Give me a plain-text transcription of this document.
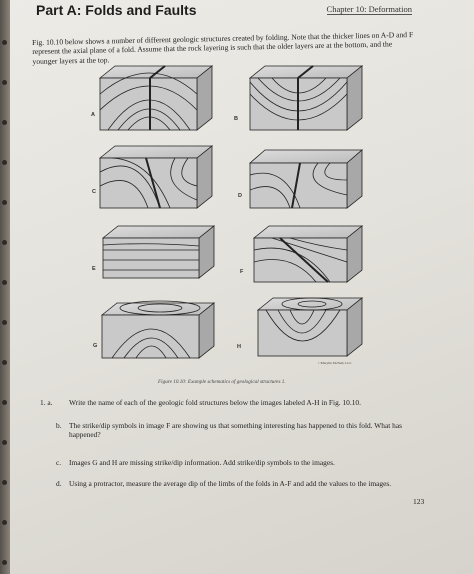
Part A: Folds and Faults	Chapter 10: Deformation
Fig. 10.10 below shows a number of different geologic structures created by folding. Note that the thicker lines on A-D and F represent the axial plane of a fold. Assume that the rock layering is such that the older layers are at the bottom, and the younger layers at the top.
A
B
C
D
E	F
G	H
©Marylin McNeil, LLC
Figure 10.10: Example schematics of geological structures 1.
1. a. Write the name of each of the geologic fold structures below the images labeled A-H in Fig. 10.10.
b. The strike/dip symbols in image F are showing us that something interesting has happened to this fold. What has happened?
c. Images G and H are missing strike/dip information. Add strike/dip symbols to the images.
d. Using a protractor, measure the average dip of the limbs of the folds in A-F and add the values to the images.
123
